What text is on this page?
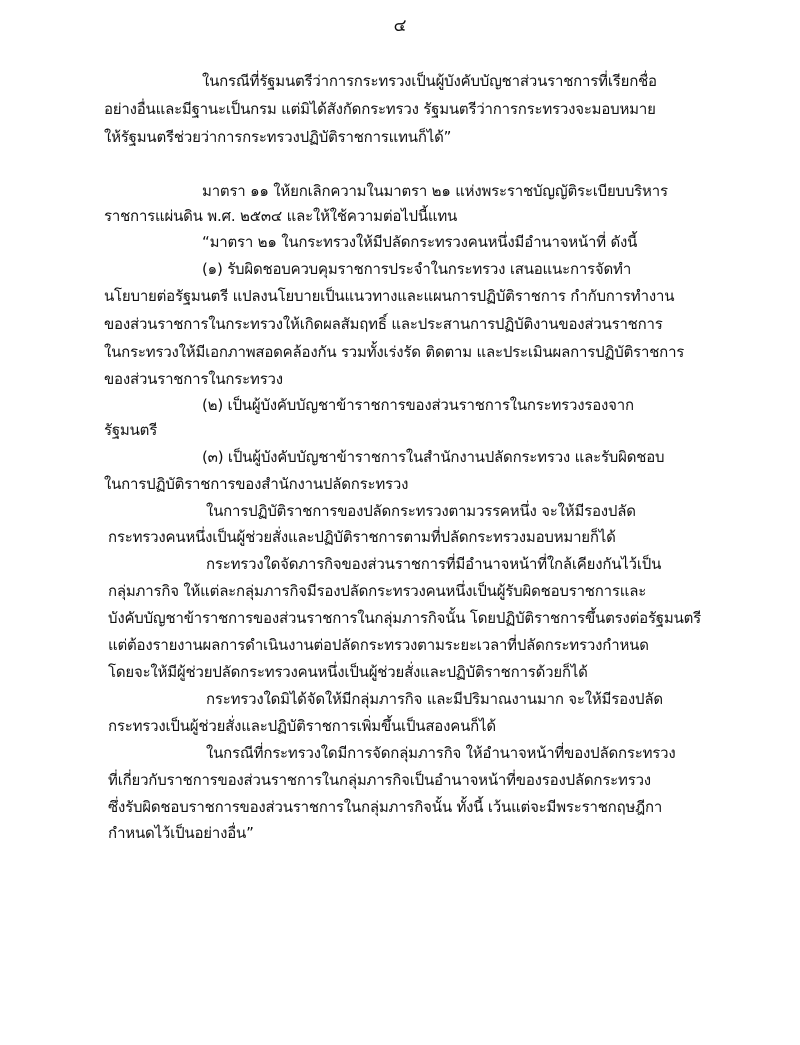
๔
ในกรณีที่รัฐมนตรีว่าการกระทรวงเป็นผู้บังคับบัญชาส่วนราชการที่เรียกชื่อ
อย่างอื่นและมีฐานะเป็นกรม แต่มิได้สังกัดกระทรวง รัฐมนตรีว่าการกระทรวงจะมอบหมาย
ให้รัฐมนตรีช่วยว่าการกระทรวงปฏิบัติราชการแทนก็ได้”
มาตรา ๑๑ ให้ยกเลิกความในมาตรา ๒๑ แห่งพระราชบัญญัติระเบียบบริหาร
ราชการแผ่นดิน พ.ศ. ๒๕๓๔ และให้ใช้ความต่อไปนี้แทน
“มาตรา ๒๑ ในกระทรวงให้มีปลัดกระทรวงคนหนึ่งมีอำนาจหน้าที่ ดังนี้
(๑) รับผิดชอบควบคุมราชการประจำในกระทรวง เสนอแนะการจัดทำ
นโยบายต่อรัฐมนตรี แปลงนโยบายเป็นแนวทางและแผนการปฏิบัติราชการ กำกับการทำงาน
ของส่วนราชการในกระทรวงให้เกิดผลสัมฤทธิ์ และประสานการปฏิบัติงานของส่วนราชการ
ในกระทรวงให้มีเอกภาพสอดคล้องกัน รวมทั้งเร่งรัด ติดตาม และประเมินผลการปฏิบัติราชการ
ของส่วนราชการในกระทรวง
(๒) เป็นผู้บังคับบัญชาข้าราชการของส่วนราชการในกระทรวงรองจาก
รัฐมนตรี
(๓) เป็นผู้บังคับบัญชาข้าราชการในสำนักงานปลัดกระทรวง และรับผิดชอบ
ในการปฏิบัติราชการของสำนักงานปลัดกระทรวง
ในการปฏิบัติราชการของปลัดกระทรวงตามวรรคหนึ่ง จะให้มีรองปลัด
กระทรวงคนหนึ่งเป็นผู้ช่วยสั่งและปฏิบัติราชการตามที่ปลัดกระทรวงมอบหมายก็ได้
กระทรวงใดจัดภารกิจของส่วนราชการที่มีอำนาจหน้าที่ใกล้เคียงกันไว้เป็น
กลุ่มภารกิจ ให้แต่ละกลุ่มภารกิจมีรองปลัดกระทรวงคนหนึ่งเป็นผู้รับผิดชอบราชการและ
บังคับบัญชาข้าราชการของส่วนราชการในกลุ่มภารกิจนั้น โดยปฏิบัติราชการขึ้นตรงต่อรัฐมนตรี
แต่ต้องรายงานผลการดำเนินงานต่อปลัดกระทรวงตามระยะเวลาที่ปลัดกระทรวงกำหนด
โดยจะให้มีผู้ช่วยปลัดกระทรวงคนหนึ่งเป็นผู้ช่วยสั่งและปฏิบัติราชการด้วยก็ได้
กระทรวงใดมิได้จัดให้มีกลุ่มภารกิจ และมีปริมาณงานมาก จะให้มีรองปลัด
กระทรวงเป็นผู้ช่วยสั่งและปฏิบัติราชการเพิ่มขึ้นเป็นสองคนก็ได้
ในกรณีที่กระทรวงใดมีการจัดกลุ่มภารกิจ ให้อำนาจหน้าที่ของปลัดกระทรวง
ที่เกี่ยวกับราชการของส่วนราชการในกลุ่มภารกิจเป็นอำนาจหน้าที่ของรองปลัดกระทรวง
ซึ่งรับผิดชอบราชการของส่วนราชการในกลุ่มภารกิจนั้น ทั้งนี้ เว้นแต่จะมีพระราชกฤษฎีกา
กำหนดไว้เป็นอย่างอื่น”
